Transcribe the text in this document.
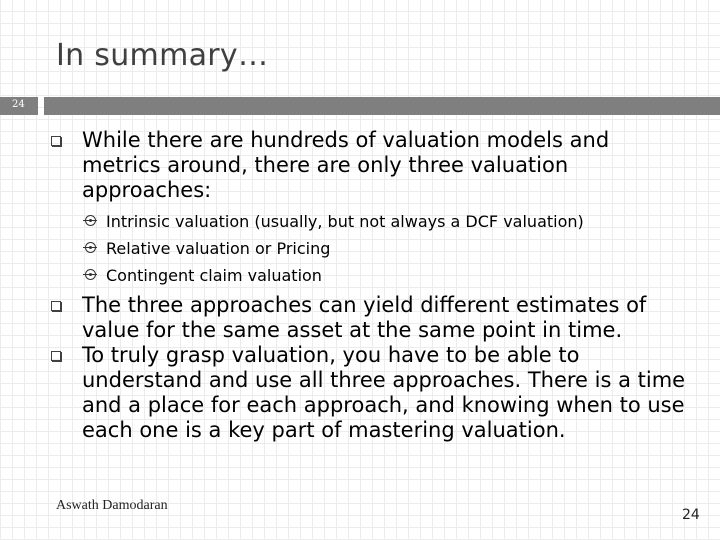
In summary…
24
While there are hundreds of valuation models and metrics around, there are only three valuation approaches:
Intrinsic valuation (usually, but not always a DCF valuation)
Relative valuation or Pricing
Contingent claim valuation
The three approaches can yield different estimates of value for the same asset at the same point in time.
To truly grasp valuation, you have to be able to understand and use all three approaches. There is a time and a place for each approach, and knowing when to use each one is a key part of mastering valuation.
Aswath Damodaran
24
